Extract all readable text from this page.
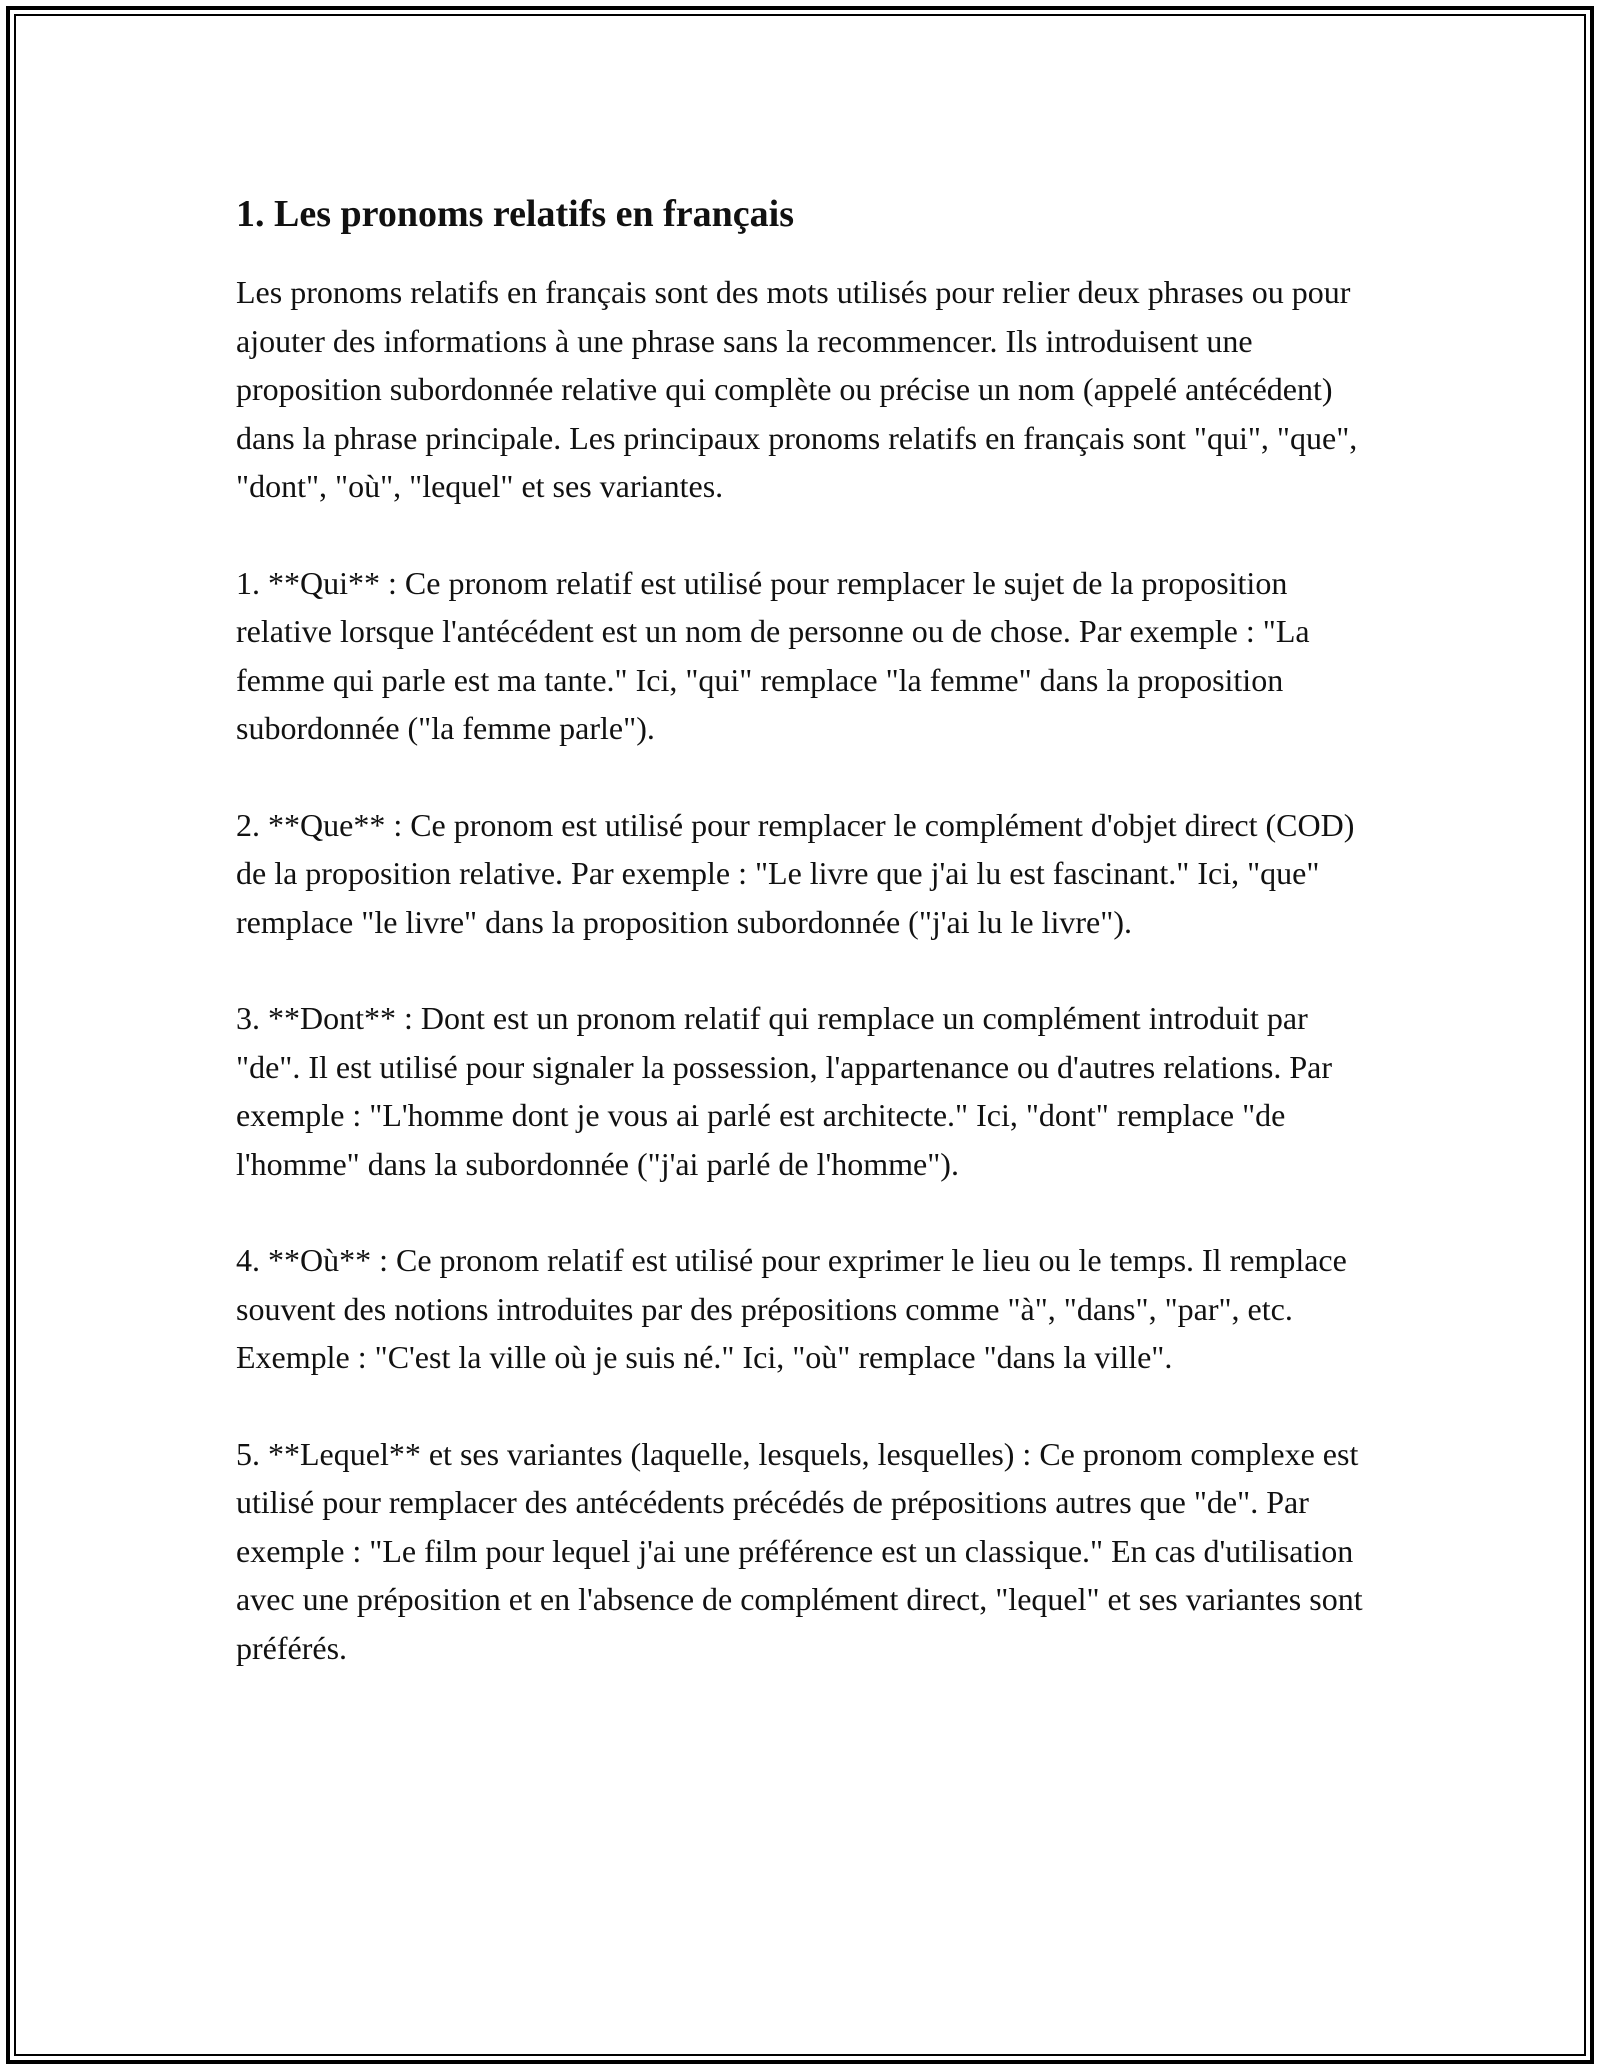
1. Les pronoms relatifs en français

Les pronoms relatifs en français sont des mots utilisés pour relier deux phrases ou pour ajouter des informations à une phrase sans la recommencer. Ils introduisent une proposition subordonnée relative qui complète ou précise un nom (appelé antécédent) dans la phrase principale. Les principaux pronoms relatifs en français sont "qui", "que", "dont", "où", "lequel" et ses variantes.

1. **Qui** : Ce pronom relatif est utilisé pour remplacer le sujet de la proposition relative lorsque l'antécédent est un nom de personne ou de chose. Par exemple : "La femme qui parle est ma tante." Ici, "qui" remplace "la femme" dans la proposition subordonnée ("la femme parle").

2. **Que** : Ce pronom est utilisé pour remplacer le complément d'objet direct (COD) de la proposition relative. Par exemple : "Le livre que j'ai lu est fascinant." Ici, "que" remplace "le livre" dans la proposition subordonnée ("j'ai lu le livre").

3. **Dont** : Dont est un pronom relatif qui remplace un complément introduit par "de". Il est utilisé pour signaler la possession, l'appartenance ou d'autres relations. Par exemple : "L'homme dont je vous ai parlé est architecte." Ici, "dont" remplace "de l'homme" dans la subordonnée ("j'ai parlé de l'homme").

4. **Où** : Ce pronom relatif est utilisé pour exprimer le lieu ou le temps. Il remplace souvent des notions introduites par des prépositions comme "à", "dans", "par", etc. Exemple : "C'est la ville où je suis né." Ici, "où" remplace "dans la ville".

5. **Lequel** et ses variantes (laquelle, lesquels, lesquelles) : Ce pronom complexe est utilisé pour remplacer des antécédents précédés de prépositions autres que "de". Par exemple : "Le film pour lequel j'ai une préférence est un classique." En cas d'utilisation avec une préposition et en l'absence de complément direct, "lequel" et ses variantes sont préférés.
